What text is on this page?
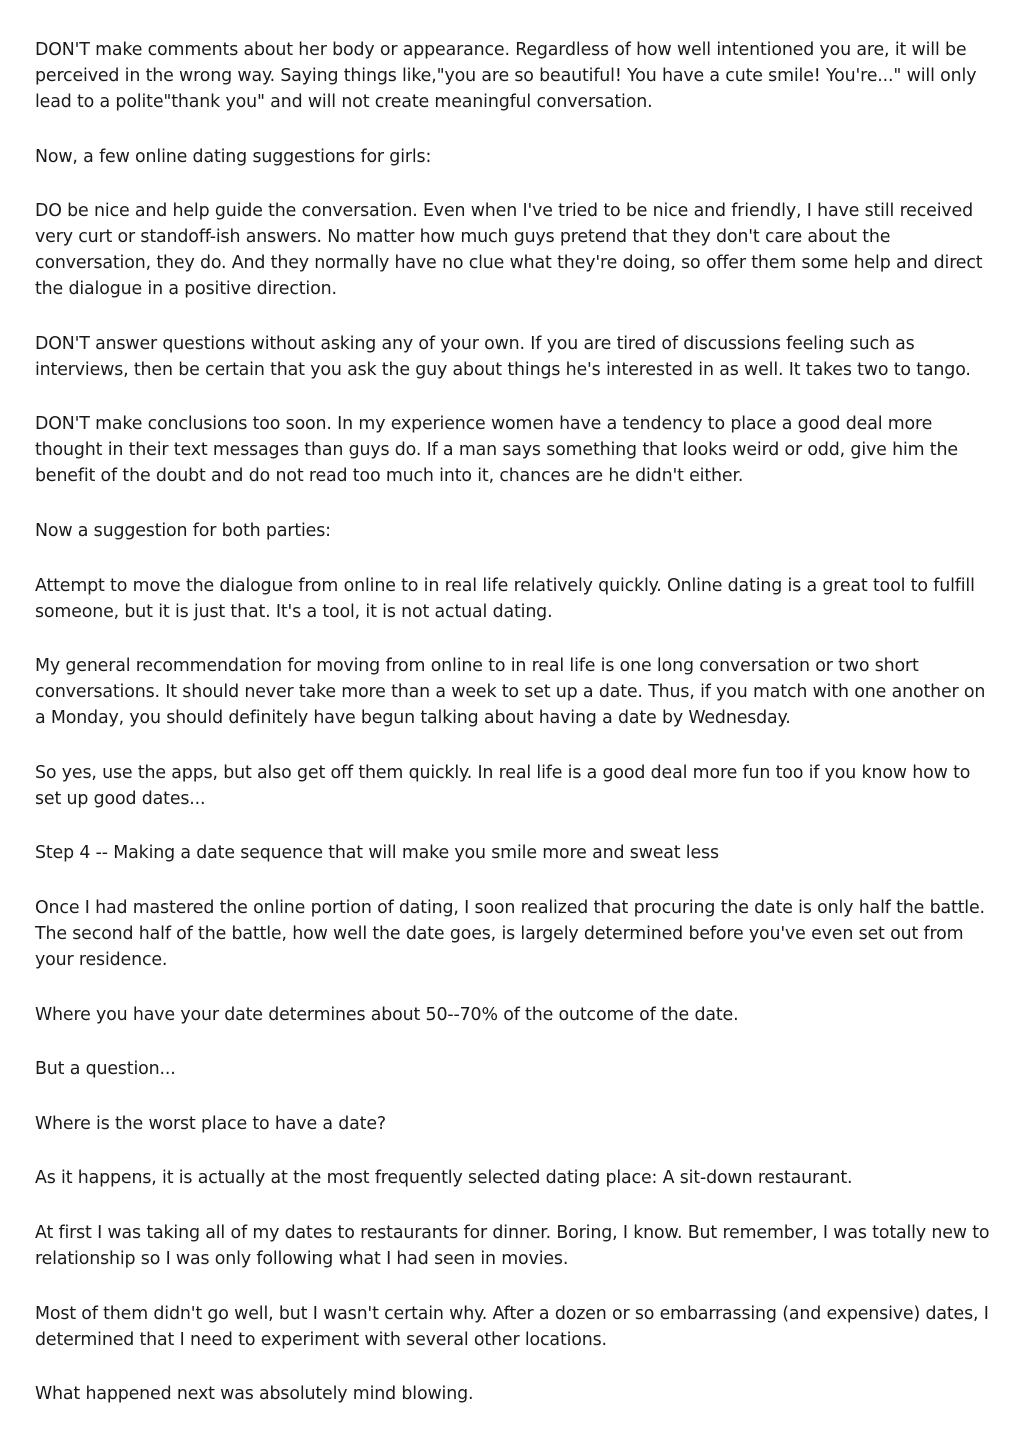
DON'T make comments about her body or appearance. Regardless of how well intentioned you are, it will be perceived in the wrong way. Saying things like,"you are so beautiful! You have a cute smile! You're..." will only lead to a polite"thank you" and will not create meaningful conversation.

Now, a few online dating suggestions for girls:

DO be nice and help guide the conversation. Even when I've tried to be nice and friendly, I have still received very curt or standoff-ish answers. No matter how much guys pretend that they don't care about the conversation, they do. And they normally have no clue what they're doing, so offer them some help and direct the dialogue in a positive direction.

DON'T answer questions without asking any of your own. If you are tired of discussions feeling such as interviews, then be certain that you ask the guy about things he's interested in as well. It takes two to tango.

DON'T make conclusions too soon. In my experience women have a tendency to place a good deal more thought in their text messages than guys do. If a man says something that looks weird or odd, give him the benefit of the doubt and do not read too much into it, chances are he didn't either.

Now a suggestion for both parties:

Attempt to move the dialogue from online to in real life relatively quickly. Online dating is a great tool to fulfill someone, but it is just that. It's a tool, it is not actual dating.

My general recommendation for moving from online to in real life is one long conversation or two short conversations. It should never take more than a week to set up a date. Thus, if you match with one another on a Monday, you should definitely have begun talking about having a date by Wednesday.

So yes, use the apps, but also get off them quickly. In real life is a good deal more fun too if you know how to set up good dates...

Step 4 -- Making a date sequence that will make you smile more and sweat less

Once I had mastered the online portion of dating, I soon realized that procuring the date is only half the battle. The second half of the battle, how well the date goes, is largely determined before you've even set out from your residence.

Where you have your date determines about 50--70% of the outcome of the date.

But a question...

Where is the worst place to have a date?

As it happens, it is actually at the most frequently selected dating place: A sit-down restaurant.

At first I was taking all of my dates to restaurants for dinner. Boring, I know. But remember, I was totally new to relationship so I was only following what I had seen in movies.

Most of them didn't go well, but I wasn't certain why. After a dozen or so embarrassing (and expensive) dates, I determined that I need to experiment with several other locations.

What happened next was absolutely mind blowing.
